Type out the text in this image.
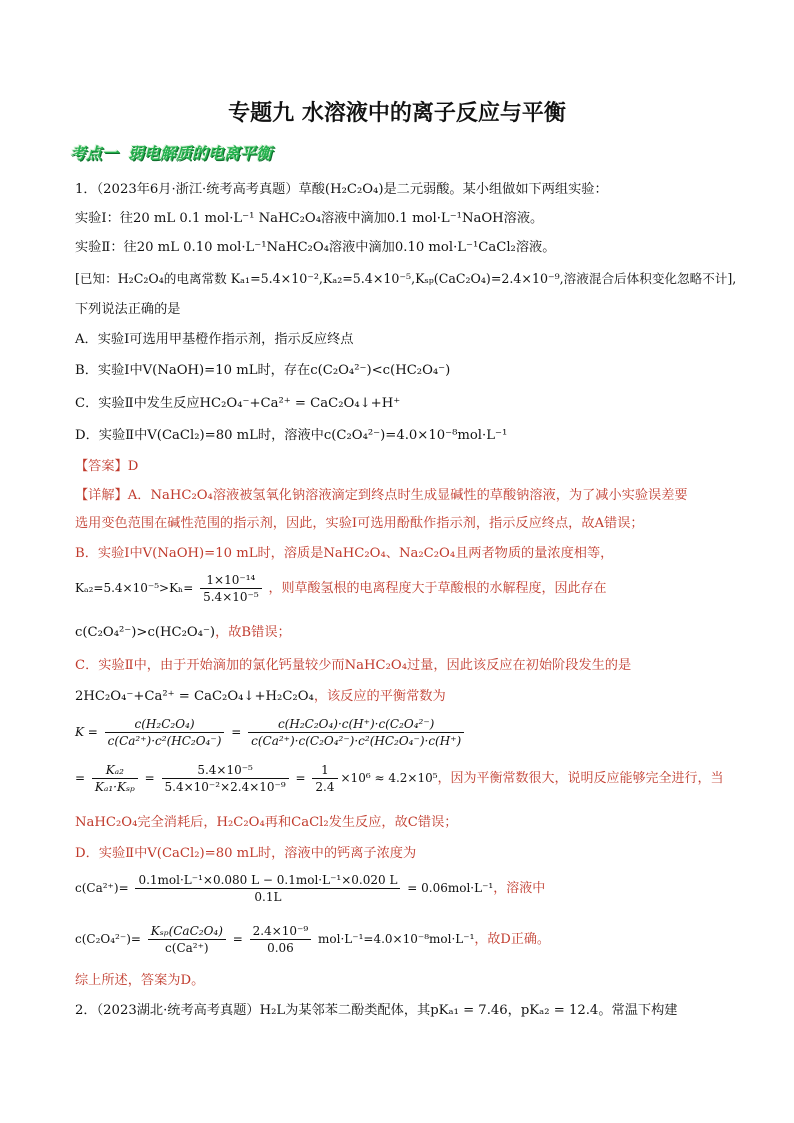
专题九 水溶液中的离子反应与平衡
考点一 弱电解质的电离平衡
1．（2023年6月·浙江·统考高考真题）草酸(H₂C₂O₄)是二元弱酸。某小组做如下两组实验：
实验Ⅰ：往20 mL 0.1 mol·L⁻¹ NaHC₂O₄溶液中滴加0.1 mol·L⁻¹NaOH溶液。
实验Ⅱ：往20 mL 0.10 mol·L⁻¹NaHC₂O₄溶液中滴加0.10 mol·L⁻¹CaCl₂溶液。
[已知：H₂C₂O₄的电离常数 Kₐ₁=5.4×10⁻²,Kₐ₂=5.4×10⁻⁵,Kₛₚ(CaC₂O₄)=2.4×10⁻⁹,溶液混合后体积变化忽略不计],
下列说法正确的是
A．实验Ⅰ可选用甲基橙作指示剂，指示反应终点
B．实验Ⅰ中V(NaOH)=10 mL时，存在c(C₂O₄²⁻)<c(HC₂O₄⁻)
C．实验Ⅱ中发生反应HC₂O₄⁻+Ca²⁺ = CaC₂O₄↓+H⁺
D．实验Ⅱ中V(CaCl₂)=80 mL时，溶液中c(C₂O₄²⁻)=4.0×10⁻⁸mol·L⁻¹
【答案】D
【详解】A．NaHC₂O₄溶液被氢氧化钠溶液滴定到终点时生成显碱性的草酸钠溶液，为了减小实验误差要
选用变色范围在碱性范围的指示剂，因此，实验Ⅰ可选用酚酞作指示剂，指示反应终点，故A错误；
B．实验Ⅰ中V(NaOH)=10 mL时，溶质是NaHC₂O₄、Na₂C₂O₄且两者物质的量浓度相等，
$K_{a2}=5.4\times 10^{-5}>K_h= \frac{\text{1×10⁻¹⁴}}{\text{5.4×10⁻⁵}}$ ，则草酸氢根的电离程度大于草酸根的水解程度，因此存在
c(C₂O₄²⁻)>c(HC₂O₄⁻)，故B错误；
C．实验Ⅱ中，由于开始滴加的氯化钙量较少而NaHC₂O₄过量，因此该反应在初始阶段发生的是
2HC₂O₄⁻+Ca²⁺ = CaC₂O₄↓+H₂C₂O₄，该反应的平衡常数为
$K = \frac{\text{c(H₂C₂O₄)}}{\text{c(Ca²⁺)·c²(HC₂O₄⁻)}} = \frac{\text{c(H₂C₂O₄)·c(H⁺)·c(C₂O₄²⁻)}}{\text{c(Ca²⁺)·c(C₂O₄²⁻)·c²(HC₂O₄⁻)·c(H⁺)}}$
= $\frac{\text{Kₐ₂}}{\text{Kₐ₁·Kₛₚ}} = \frac{\text{5.4×10⁻⁵}}{\text{5.4×10⁻²×2.4×10⁻⁹}} = \frac{1}{2.4} \times 10^6 \approx 4.2\times 10^5$，因为平衡常数很大，说明反应能够完全进行，当
NaHC₂O₄完全消耗后，H₂C₂O₄再和CaCl₂发生反应，故C错误；
D．实验Ⅱ中V(CaCl₂)=80 mL时，溶液中的钙离子浓度为
$c(Ca^{2+})= \frac{\text{0.1mol·L⁻¹×0.080 L − 0.1mol·L⁻¹×0.020 L}}{0.1L} = 0.06mol\cdot L^{-1}$，溶液中
$c(C_2O_4^{2-})= \frac{\text{Kₛₚ(CaC₂O₄)}}{\text{c(Ca²⁺)}} = \frac{\text{2.4×10⁻⁹}}{0.06} mol\cdot L^{-1}=4.0\times 10^{-8}mol\cdot L^{-1}$，故D正确。
综上所述，答案为D。
2．（2023湖北·统考高考真题）H₂L为某邻苯二酚类配体，其pKₐ₁ = 7.46，pKₐ₂ = 12.4。常温下构建
